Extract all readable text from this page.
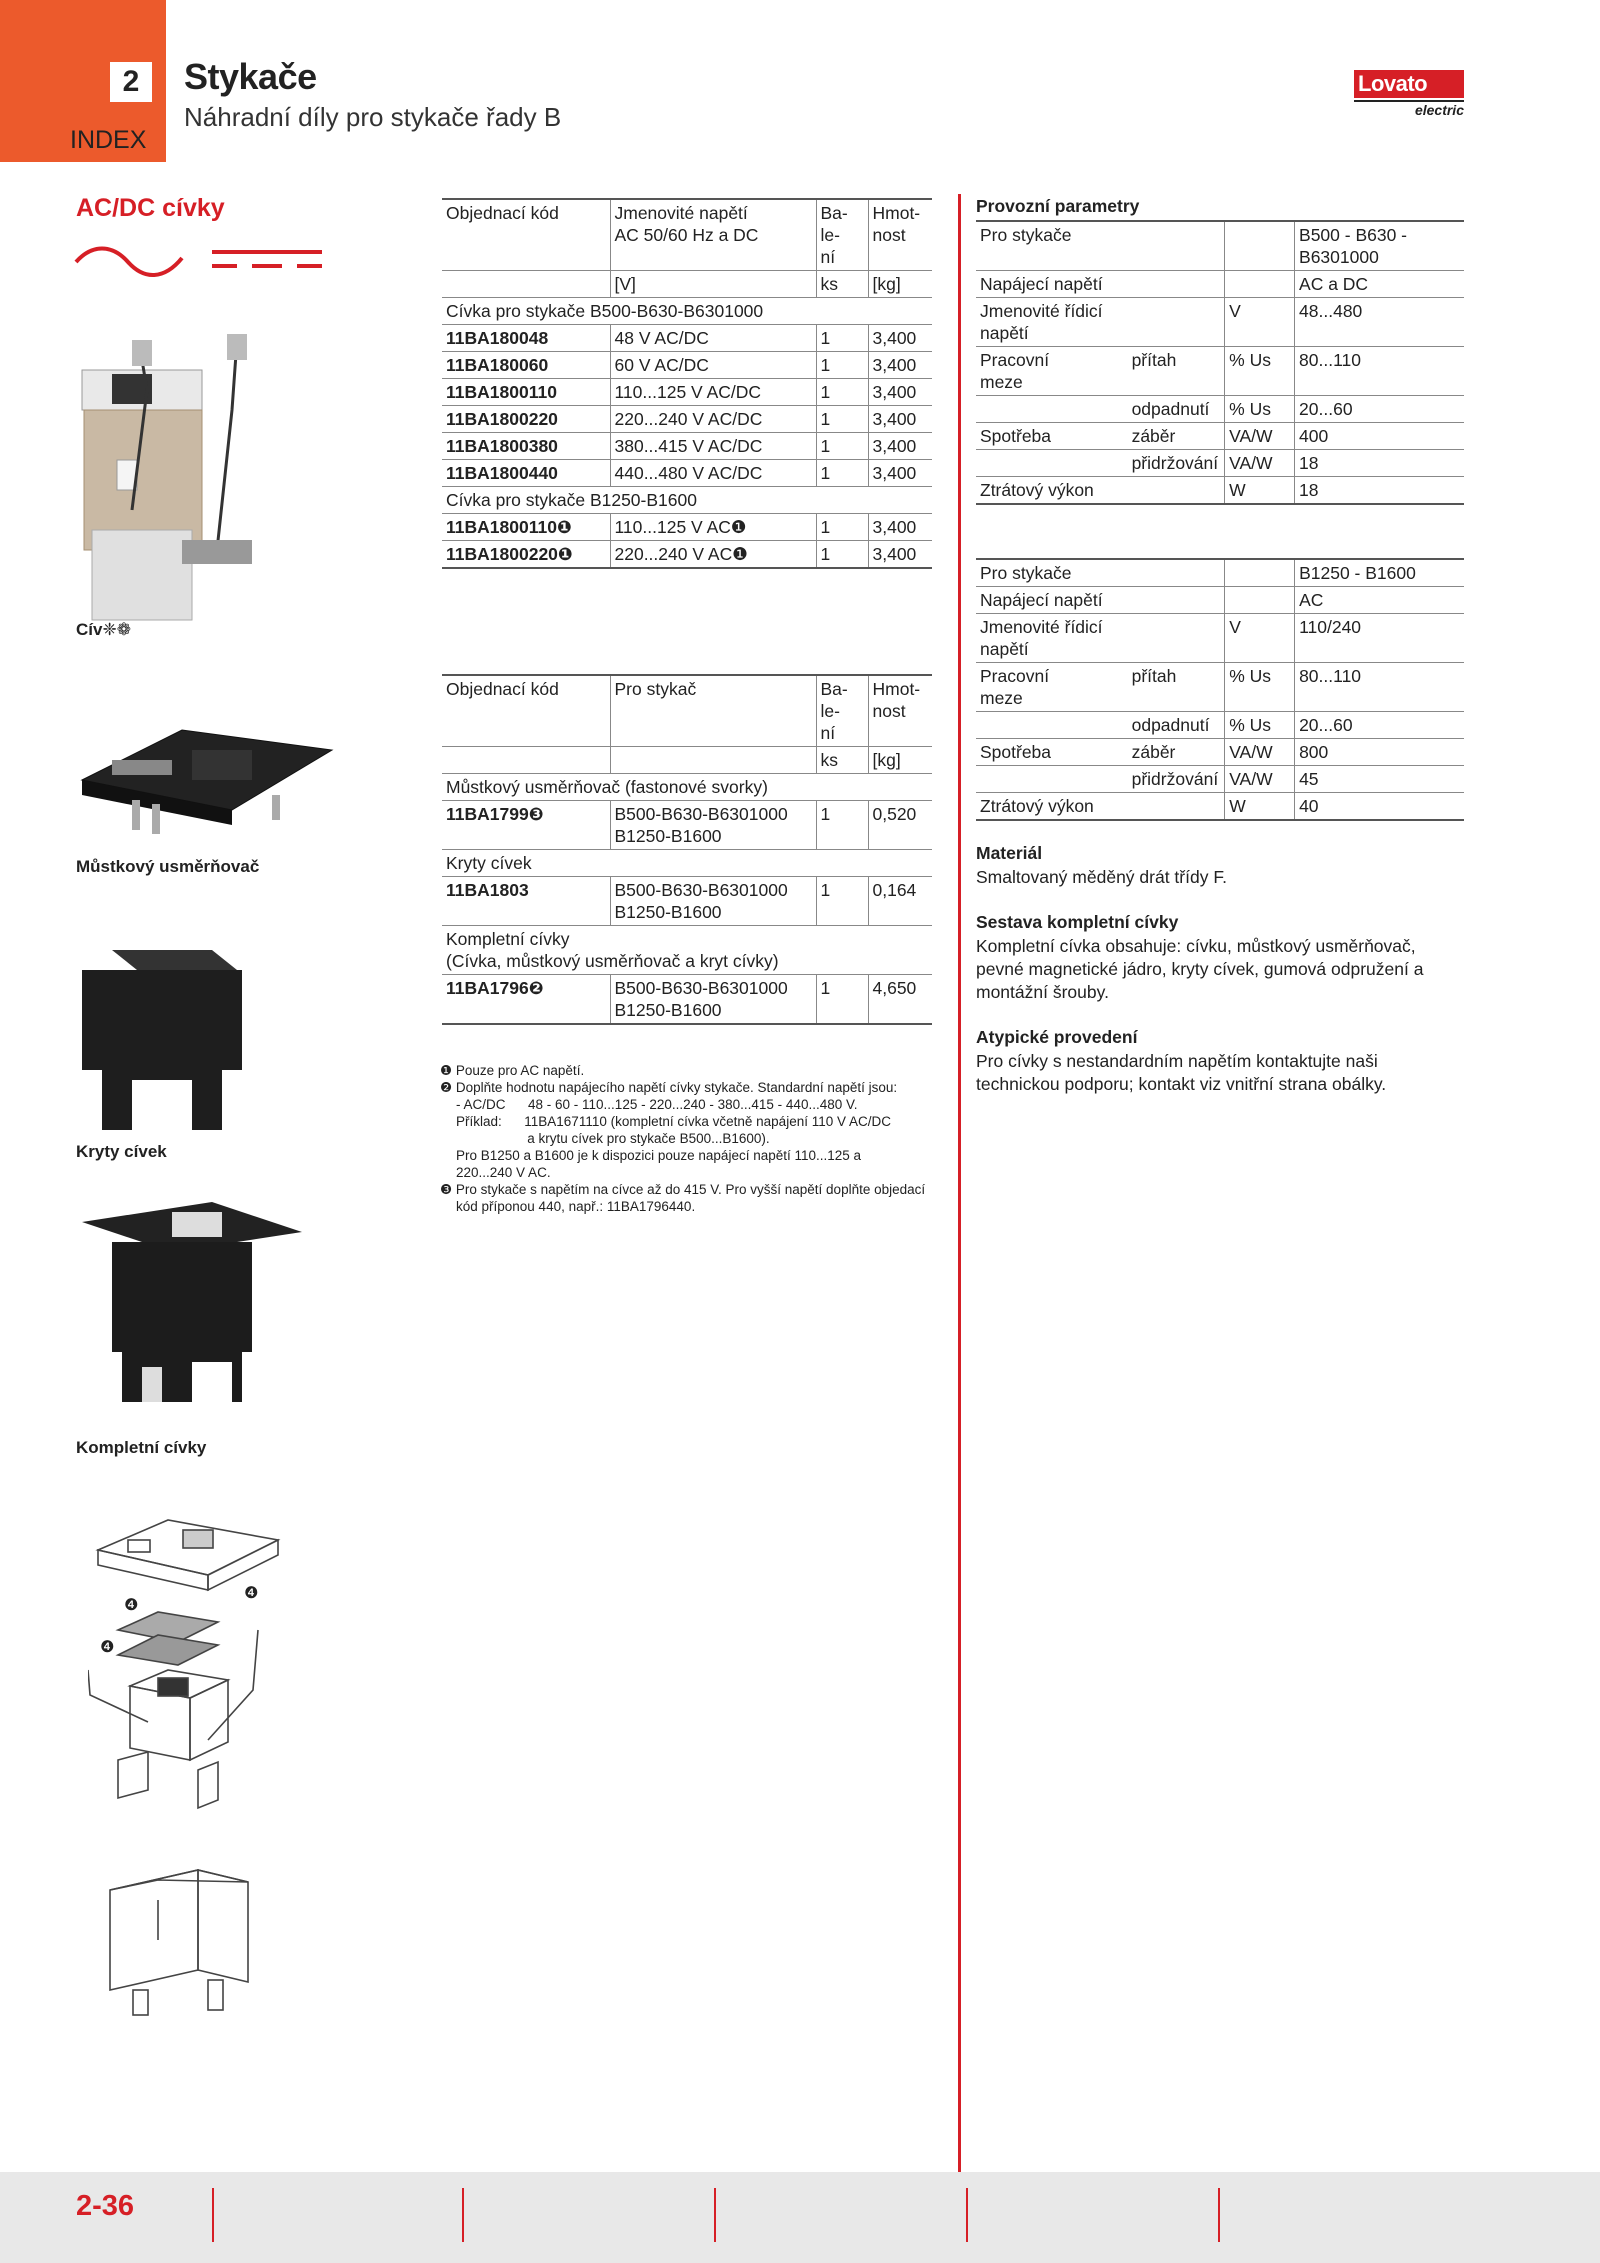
2
INDEX
Stykače
Náhradní díly pro stykače řady B
Lovato
electric
AC/DC cívky
Cív❈❁
Můstkový usměrňovač
Kryty cívek
Kompletní cívky
❹
❹
❹
Objednací kód	Jmenovité napětí
AC 50/60 Hz a DC	Ba-
le-
ní	Hmot-
nost
	[V]	ks	[kg]
Cívka pro stykače B500-B630-B6301000			
11BA180048	48 V AC/DC	1	3,400
11BA180060	60 V AC/DC	1	3,400
11BA1800110	110...125 V AC/DC	1	3,400
11BA1800220	220...240 V AC/DC	1	3,400
11BA1800380	380...415 V AC/DC	1	3,400
11BA1800440	440...480 V AC/DC	1	3,400
Cívka pro stykače B1250-B1600			
11BA1800110❶	110...125 V AC❶	1	3,400
11BA1800220❶	220...240 V AC❶	1	3,400
Objednací kód	Pro stykač	Ba-
le-
ní	Hmot-
nost
		ks	[kg]
Můstkový usměrňovač (fastonové svorky)			
11BA1799❸	B500-B630-B6301000
B1250-B1600	1	0,520
Kryty cívek			
11BA1803	B500-B630-B6301000
B1250-B1600	1	0,164
Kompletní cívky
(Cívka, můstkový usměrňovač a kryt cívky)			
11BA1796❷	B500-B630-B6301000
B1250-B1600	1	4,650
❶ Pouze pro AC napětí.
❷ Doplňte hodnotu napájecího napětí cívky stykače. Standardní napětí jsou:
- AC/DC      48 - 60 - 110...125 - 220...240 - 380...415 - 440...480 V.
Příklad:      11BA1671110 (kompletní cívka včetně napájení 110 V AC/DC
a krytu cívek pro stykače B500...B1600).
Pro B1250 a B1600 je k dispozici pouze napájecí napětí 110...125 a
220...240 V AC.
❸ Pro stykače s napětím na cívce až do 415 V. Pro vyšší napětí doplňte objedací
kód příponou 440, např.: 11BA1796440.
Provozní parametry
Pro stykače			B500 - B630 -
B6301000
Napájecí napětí			AC a DC
Jmenovité řídicí
napětí		V	48...480
Pracovní
meze	přítah	% Us	80...110
	odpadnutí	% Us	20...60
Spotřeba	záběr	VA/W	400
	přidržování	VA/W	18
Ztrátový výkon		W	18
Pro stykače			B1250 - B1600
Napájecí napětí			AC
Jmenovité řídicí
napětí		V	110/240
Pracovní
meze	přítah	% Us	80...110
	odpadnutí	% Us	20...60
Spotřeba	záběr	VA/W	800
	přidržování	VA/W	45
Ztrátový výkon		W	40
Materiál
Smaltovaný měděný drát třídy F.
Sestava kompletní cívky
Kompletní cívka obsahuje: cívku, můstkový usměrňovač, pevné magnetické jádro, kryty cívek, gumová odpružení a montážní šrouby.
Atypické provedení
Pro cívky s nestandardním napětím kontaktujte naši technickou podporu; kontakt viz vnitřní strana obálky.
2-36
